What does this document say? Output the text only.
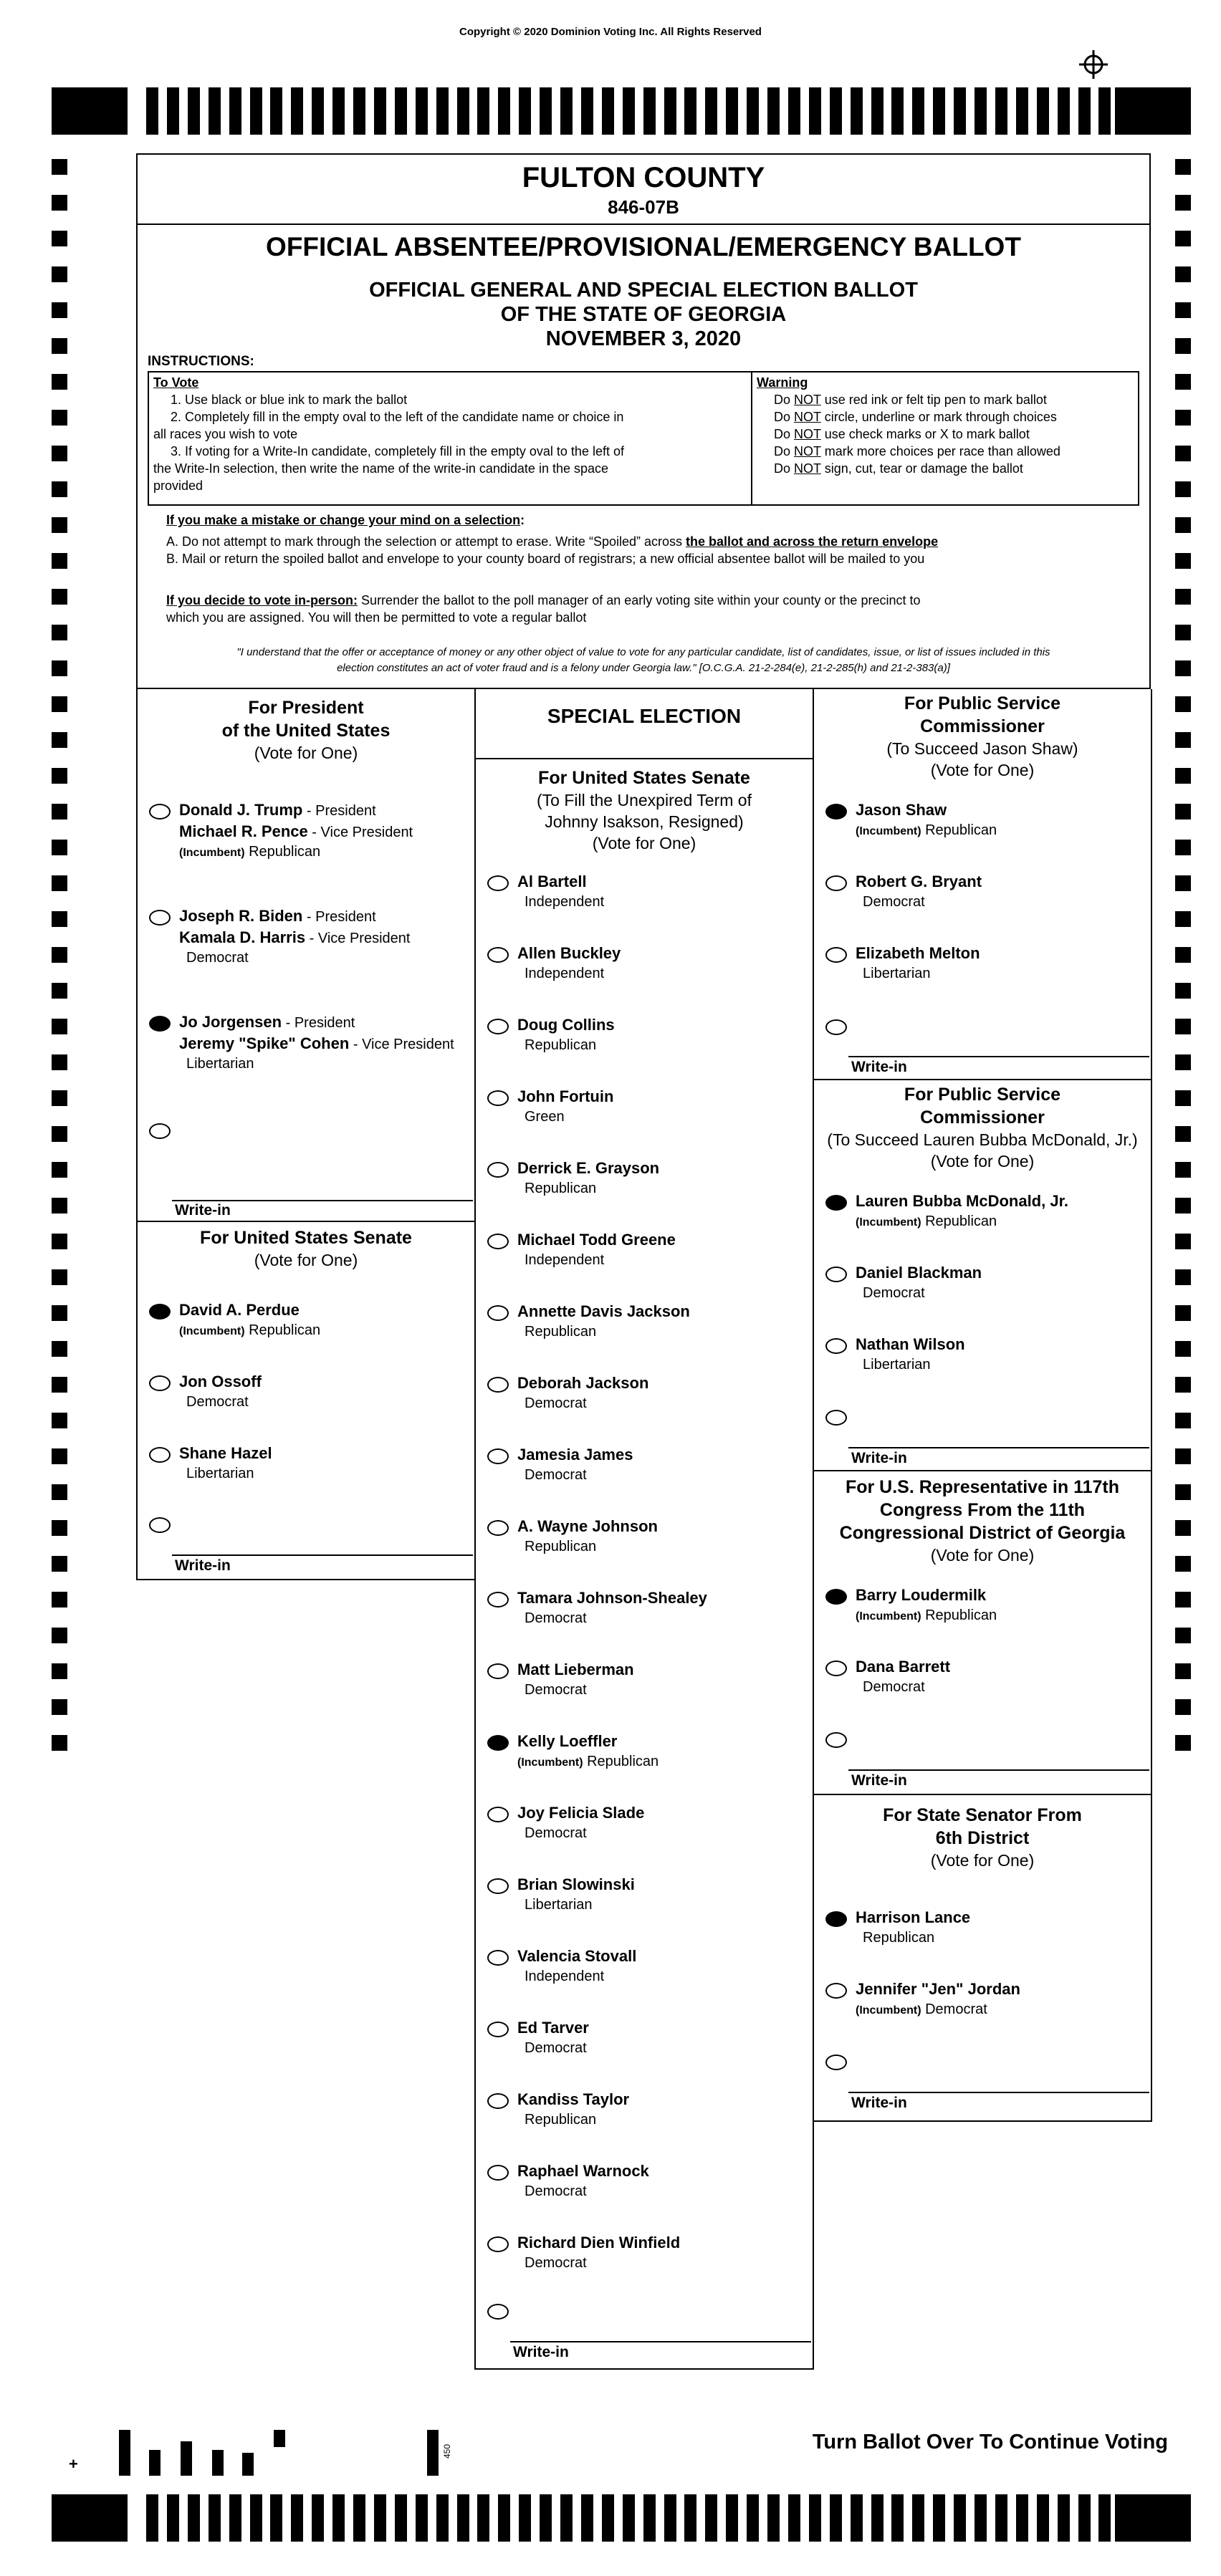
Copyright © 2020 Dominion Voting Inc. All Rights Reserved
FULTON COUNTY
846-07B
OFFICIAL ABSENTEE/PROVISIONAL/EMERGENCY BALLOT
OFFICIAL GENERAL AND SPECIAL ELECTION BALLOT
OF THE STATE OF GEORGIA
NOVEMBER 3, 2020
INSTRUCTIONS:
To Vote
1. Use black or blue ink to mark the ballot
2. Completely fill in the empty oval to the left of the candidate name or choice in
all races you wish to vote
3. If voting for a Write-In candidate, completely fill in the empty oval to the left of
the Write-In selection, then write the name of the write-in candidate in the space
provided
Warning
Do NOT use red ink or felt tip pen to mark ballot
Do NOT circle, underline or mark through choices
Do NOT use check marks or X to mark ballot
Do NOT mark more choices per race than allowed
Do NOT sign, cut, tear or damage the ballot
If you make a mistake or change your mind on a selection:
A. Do not attempt to mark through the selection or attempt to erase. Write “Spoiled” across the ballot and across the return envelope
B. Mail or return the spoiled ballot and envelope to your county board of registrars; a new official absentee ballot will be mailed to you
If you decide to vote in-person: Surrender the ballot to the poll manager of an early voting site within your county or the precinct to
which you are assigned. You will then be permitted to vote a regular ballot
"I understand that the offer or acceptance of money or any other object of value to vote for any particular candidate, list of candidates, issue, or list of issues included in this
election constitutes an act of voter fraud and is a felony under Georgia law." [O.C.G.A. 21-2-284(e), 21-2-285(h) and 21-2-383(a)]
For President
of the United States
(Vote for One)
Donald J. Trump - President
Michael R. Pence - Vice President
(Incumbent) Republican
Joseph R. Biden - President
Kamala D. Harris - Vice President
Democrat
Jo Jorgensen - President
Jeremy "Spike" Cohen - Vice President
Libertarian
Write-in
For United States Senate
(Vote for One)
David A. Perdue
(Incumbent) Republican
Jon Ossoff
Democrat
Shane Hazel
Libertarian
Write-in
SPECIAL ELECTION
For United States Senate
(To Fill the Unexpired Term of
Johnny Isakson, Resigned)
(Vote for One)
Al Bartell
Independent
Allen Buckley
Independent
Doug Collins
Republican
John Fortuin
Green
Derrick E. Grayson
Republican
Michael Todd Greene
Independent
Annette Davis Jackson
Republican
Deborah Jackson
Democrat
Jamesia James
Democrat
A. Wayne Johnson
Republican
Tamara Johnson-Shealey
Democrat
Matt Lieberman
Democrat
Kelly Loeffler
(Incumbent) Republican
Joy Felicia Slade
Democrat
Brian Slowinski
Libertarian
Valencia Stovall
Independent
Ed Tarver
Democrat
Kandiss Taylor
Republican
Raphael Warnock
Democrat
Richard Dien Winfield
Democrat
Write-in
For Public Service
Commissioner
(To Succeed Jason Shaw)
(Vote for One)
Jason Shaw
(Incumbent) Republican
Robert G. Bryant
Democrat
Elizabeth Melton
Libertarian
Write-in
For Public Service
Commissioner
(To Succeed Lauren Bubba McDonald, Jr.)
(Vote for One)
Lauren Bubba McDonald, Jr.
(Incumbent) Republican
Daniel Blackman
Democrat
Nathan Wilson
Libertarian
Write-in
For U.S. Representative in 117th
Congress From the 11th
Congressional District of Georgia
(Vote for One)
Barry Loudermilk
(Incumbent) Republican
Dana Barrett
Democrat
Write-in
For State Senator From
6th District
(Vote for One)
Harrison Lance
Republican
Jennifer "Jen" Jordan
(Incumbent) Democrat
Write-in
+
450	Turn Ballot Over To Continue Voting
